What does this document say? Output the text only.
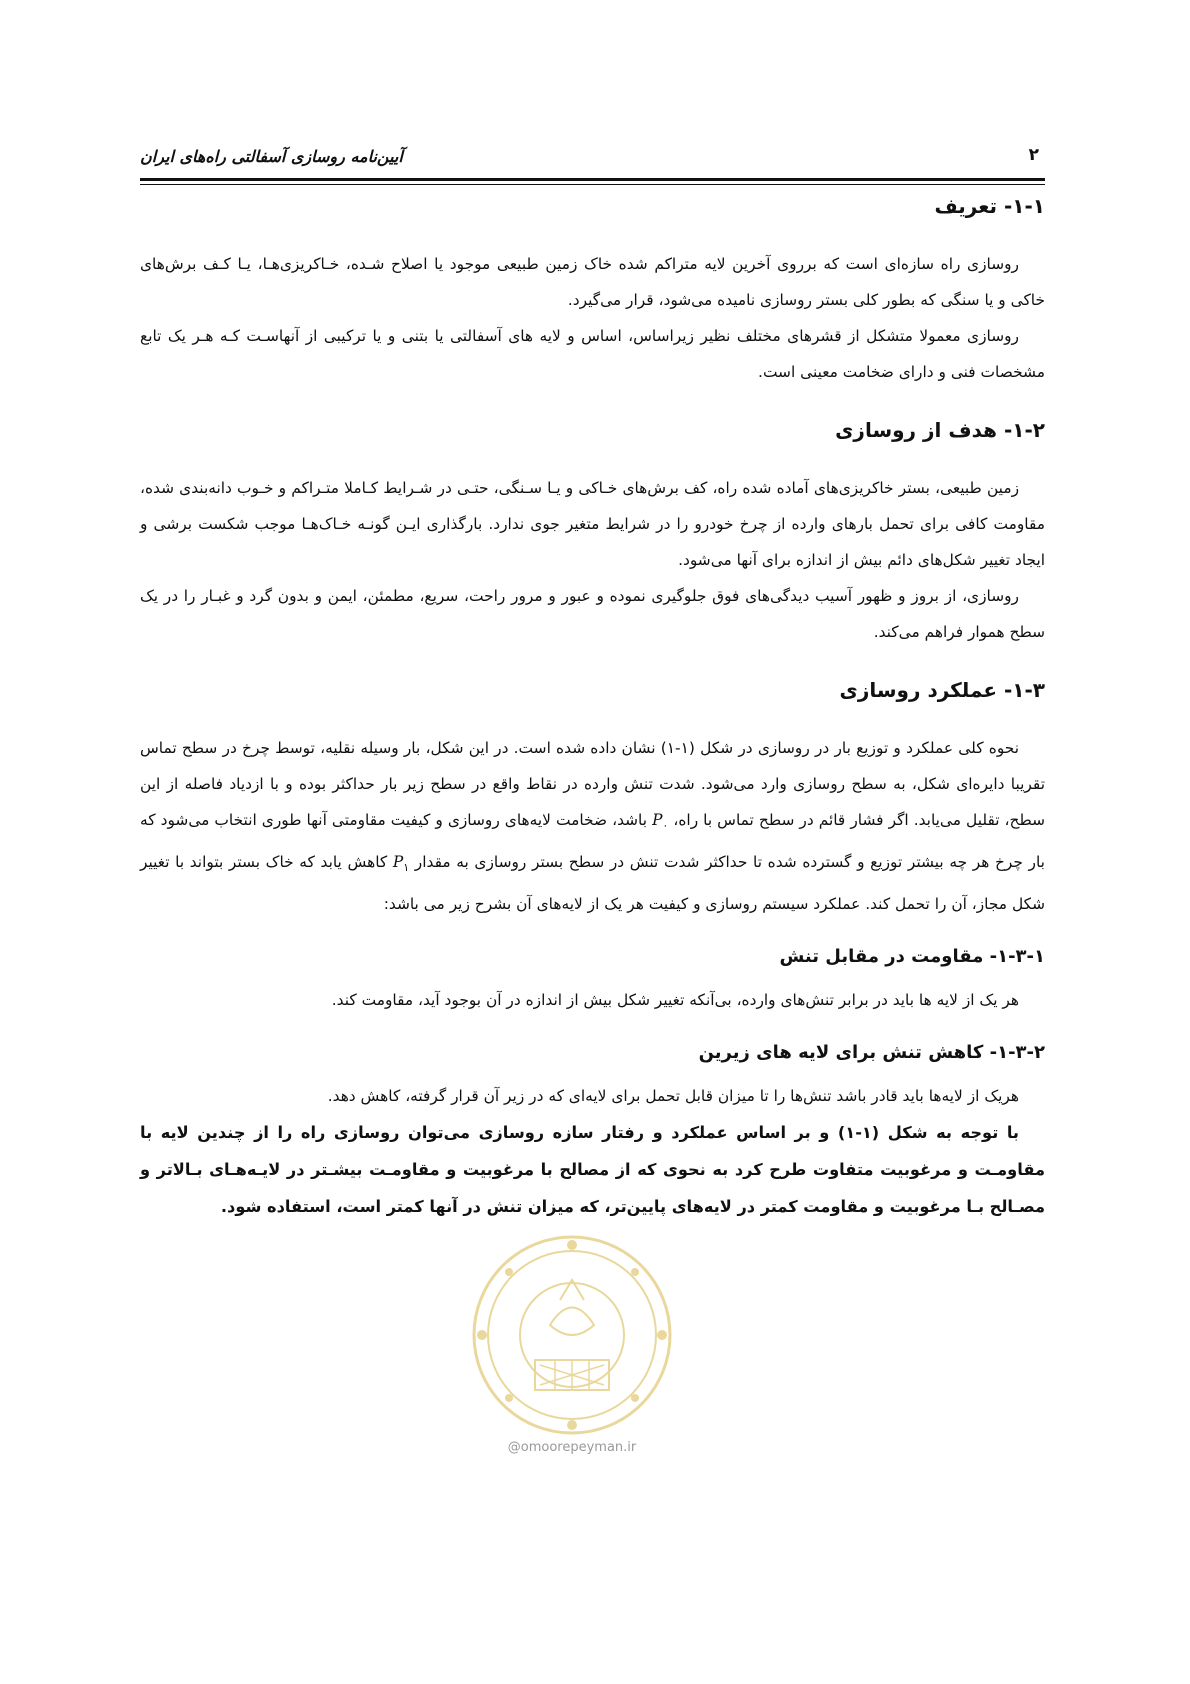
آیین‌نامه روسازی آسفالتی راه‌های ایران	۲
۱-۱- تعریف

روسازی راه سازه‌ای است که برروی آخرین لایه متراکم شده خاک زمین طبیعی موجود یا اصلاح شـده، خـاکریزی‌هـا، یـا کـف برش‌های خاکی و یا سنگی که بطور کلی بستر روسازی نامیده می‌شود، قرار می‌گیرد.

روسازی معمولا متشکل از قشرهای مختلف نظیر زیراساس، اساس و لایه های آسفالتی یا بتنی و یا ترکیبی از آنهاسـت کـه هـر یک تابع مشخصات فنی و دارای ضخامت معینی است.

۱-۲- هدف از روسازی

زمین طبیعی، بستر خاکریزی‌های آماده شده راه، کف برش‌های خـاکی و یـا سـنگی، حتـی در شـرایط کـاملا متـراکم و خـوب دانه‌بندی شده، مقاومت کافی برای تحمل بارهای وارده از چرخ خودرو را در شرایط متغیر جوی ندارد. بارگذاری ایـن گونـه خـاک‌هـا موجب شکست برشی و ایجاد تغییر شکل‌های دائم بیش از اندازه برای آنها می‌شود.

روسازی، از بروز و ظهور آسیب دیدگی‌های فوق جلوگیری نموده و عبور و مرور راحت، سریع، مطمئن، ایمن و بدون گرد و غبـار را در یک سطح هموار فراهم می‌کند.

۱-۳- عملکرد روسازی

نحوه کلی عملکرد و توزیع بار در روسازی در شکل (۱-۱) نشان داده شده است. در این شکل، بار وسیله نقلیه، توسط چرخ در سطح تماس تقریبا دایره‌ای شکل، به سطح روسازی وارد می‌شود. شدت تنش وارده در نقاط واقع در سطح زیر بار حداکثر بوده و با ازدیاد فاصله از این سطح، تقلیل می‌یابد. اگر فشار قائم در سطح تماس با راه، $P_۰$ باشد، ضخامت لایه‌های روسازی و کیفیت مقاومتی آنها طوری انتخاب می‌شود که بار چرخ هر چه بیشتر توزیع و گسترده شده تا حداکثر شدت تنش در سطح بستر روسازی به مقدار $P_۱$ کاهش یابد که خاک بستر بتواند با تغییر شکل مجاز، آن را تحمل کند. عملکرد سیستم روسازی و کیفیت هر یک از لایه‌های آن بشرح زیر می باشد:

۱-۳-۱- مقاومت در مقابل تنش

هر یک از لایه ها باید در برابر تنش‌های وارده، بی‌آنکه تغییر شکل بیش از اندازه در آن بوجود آید، مقاومت کند.

۱-۳-۲- کاهش تنش برای لایه های زیرین

هریک از لایه‌ها باید قادر باشد تنش‌ها را تا میزان قابل تحمل برای لایه‌ای که در زیر آن قرار گرفته، کاهش دهد.

با توجه به شکل (۱-۱) و بر اساس عملکرد و رفتار سازه روسازی می‌توان روسازی راه را از چندین لایه با مقاومـت و مرغوبیت متفاوت طرح کرد به نحوی که از مصالح با مرغوبیت و مقاومـت بیشـتر در لایـه‌هـای بـالاتر و مصـالح بـا مرغوبیت و مقاومت کمتر در لایه‌های پایین‌تر، که میزان تنش در آنها کمتر است، استفاده شود.

@omoorepeyman.ir
